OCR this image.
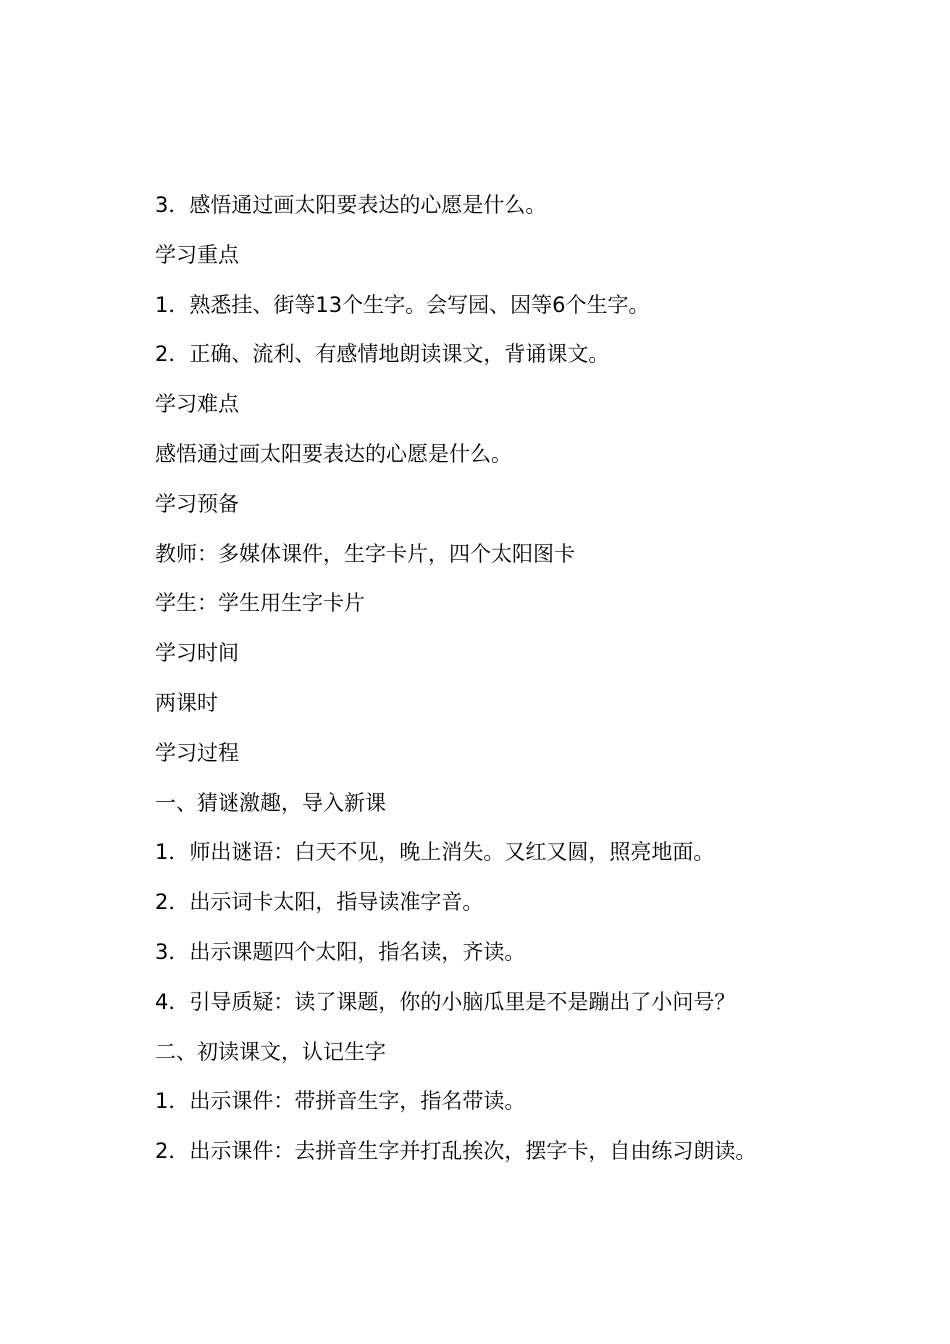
3．感悟通过画太阳要表达的心愿是什么。
学习重点
1．熟悉挂、街等13个生字。会写园、因等6个生字。
2．正确、流利、有感情地朗读课文，背诵课文。
学习难点
感悟通过画太阳要表达的心愿是什么。
学习预备
教师：多媒体课件，生字卡片，四个太阳图卡
学生：学生用生字卡片
学习时间
两课时
学习过程
一、猜谜激趣，导入新课
1．师出谜语：白天不见，晚上消失。又红又圆，照亮地面。
2．出示词卡太阳，指导读准字音。
3．出示课题四个太阳，指名读，齐读。
4．引导质疑：读了课题，你的小脑瓜里是不是蹦出了小问号？
二、初读课文，认记生字
1．出示课件：带拼音生字，指名带读。
2．出示课件：去拼音生字并打乱挨次，摆字卡，自由练习朗读。
